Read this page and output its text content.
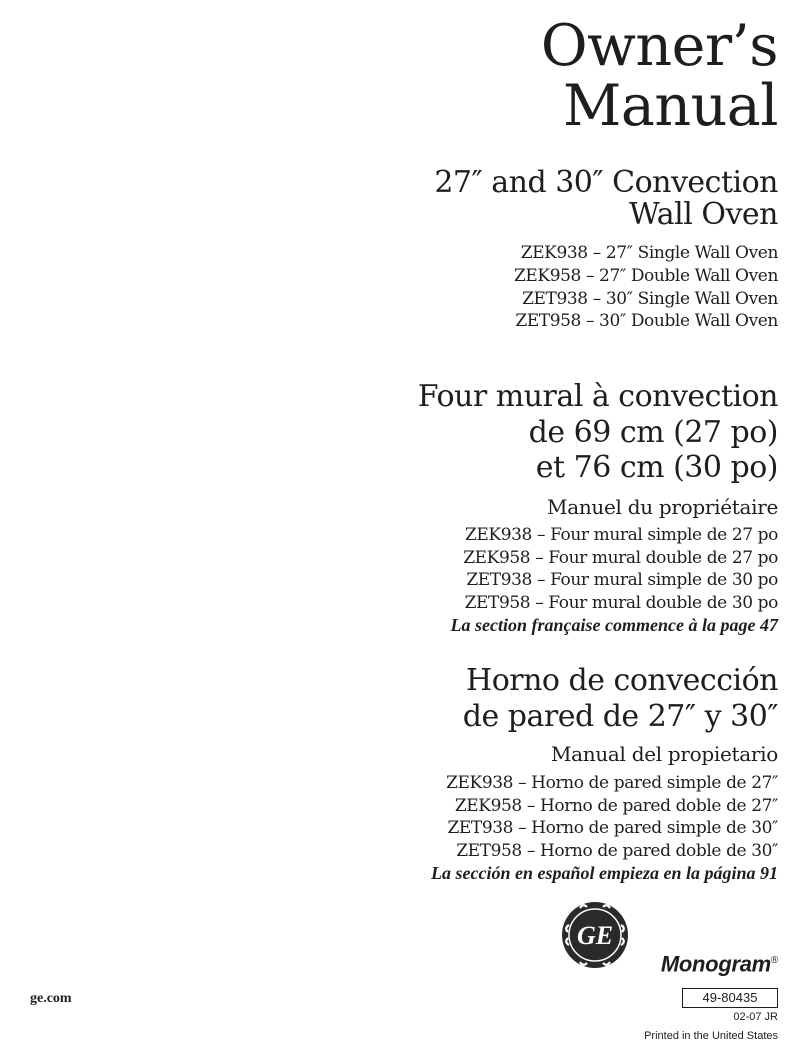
Owner’s
Manual
27″ and 30″ Convection
Wall Oven
ZEK938 – 27″ Single Wall Oven
ZEK958 – 27″ Double Wall Oven
ZET938 – 30″ Single Wall Oven
ZET958 – 30″ Double Wall Oven
Four mural à convection
de 69 cm (27 po)
et 76 cm (30 po)
Manuel du propriétaire
ZEK938 – Four mural simple de 27 po
ZEK958 – Four mural double de 27 po
ZET938 – Four mural simple de 30 po
ZET958 – Four mural double de 30 po
La section française commence à la page 47
Horno de convección
de pared de 27″ y 30″
Manual del propietario
ZEK938 – Horno de pared simple de 27″
ZEK958 – Horno de pared doble de 27″
ZET938 – Horno de pared simple de 30″
ZET958 – Horno de pared doble de 30″
La sección en español empieza en la página 91
GE
Monogram®
ge.com	49-80435
02-07 JR
Printed in the United States
